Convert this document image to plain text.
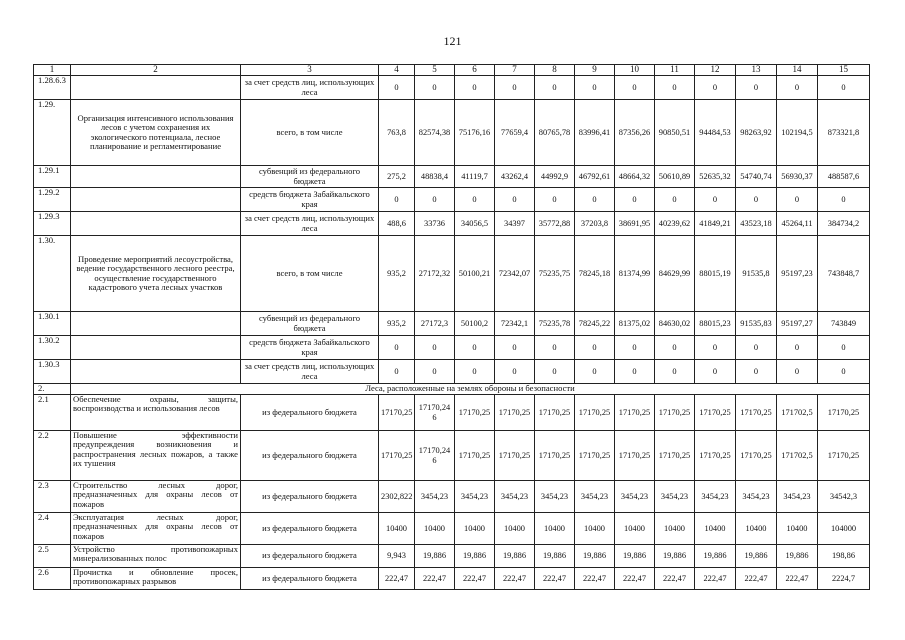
121
1	2	3	4	5	6	7	8	9	10	11	12	13	14	15
1.28.6.3		за счет средств лиц, использующих леса	0	0	0	0	0	0	0	0	0	0	0	0
1.29.	Организация интенсивного использования лесов с учетом сохранения их экологического потенциала, лесное планирование и регламентирование	всего, в том числе	763,8	82574,38	75176,16	77659,4	80765,78	83996,41	87356,26	90850,51	94484,53	98263,92	102194,5	873321,8
1.29.1		субвенций из федерального бюджета	275,2	48838,4	41119,7	43262,4	44992,9	46792,61	48664,32	50610,89	52635,32	54740,74	56930,37	488587,6
1.29.2		средств бюджета Забайкальского края	0	0	0	0	0	0	0	0	0	0	0	0
1.29.3		за счет средств лиц, использующих леса	488,6	33736	34056,5	34397	35772,88	37203,8	38691,95	40239,62	41849,21	43523,18	45264,11	384734,2
1.30.	Проведение мероприятий лесоустройства, ведение государственного лесного реестра, осуществление государственного кадастрового учета лесных участков	всего, в том числе	935,2	27172,32	50100,21	72342,07	75235,75	78245,18	81374,99	84629,99	88015,19	91535,8	95197,23	743848,7
1.30.1		субвенций из федерального бюджета	935,2	27172,3	50100,2	72342,1	75235,78	78245,22	81375,02	84630,02	88015,23	91535,83	95197,27	743849
1.30.2		средств бюджета Забайкальского края	0	0	0	0	0	0	0	0	0	0	0	0
1.30.3		за счет средств лиц, использующих леса	0	0	0	0	0	0	0	0	0	0	0	0
2.	Леса, расположенные на землях обороны и безопасности													
2.1	Обеспечение охраны, защиты, воспроизводства и использования лесов	из федерального бюджета	17170,25	17170,24 6	17170,25	17170,25	17170,25	17170,25	17170,25	17170,25	17170,25	17170,25	171702,5	17170,25
2.2	Повышение эффективности предупреждения возникновения и распространения лесных пожаров, а также их тушения	из федерального бюджета	17170,25	17170,24 6	17170,25	17170,25	17170,25	17170,25	17170,25	17170,25	17170,25	17170,25	171702,5	17170,25
2.3	Строительство лесных дорог, предназначенных для охраны лесов от пожаров	из федерального бюджета	2302,822	3454,23	3454,23	3454,23	3454,23	3454,23	3454,23	3454,23	3454,23	3454,23	3454,23	34542,3
2.4	Эксплуатация лесных дорог, предназначенных для охраны лесов от пожаров	из федерального бюджета	10400	10400	10400	10400	10400	10400	10400	10400	10400	10400	10400	104000
2.5	Устройство противопожарных минерализованных полос	из федерального бюджета	9,943	19,886	19,886	19,886	19,886	19,886	19,886	19,886	19,886	19,886	19,886	198,86
2.6	Прочистка и обновление просек, противопожарных разрывов	из федерального бюджета	222,47	222,47	222,47	222,47	222,47	222,47	222,47	222,47	222,47	222,47	222,47	2224,7
